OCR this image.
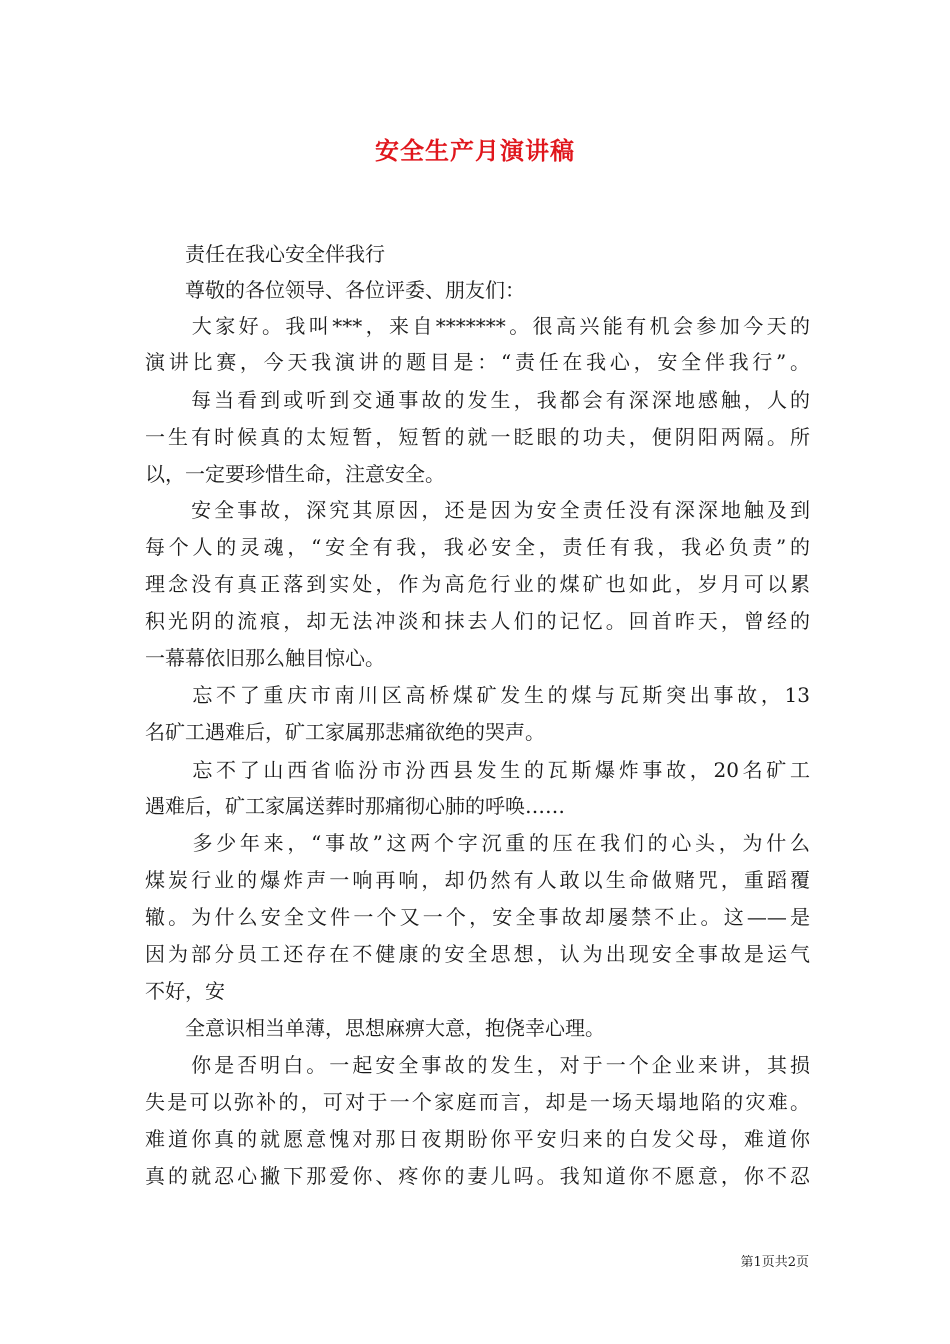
安全生产月演讲稿
　　责任在我心安全伴我行
　　尊敬的各位领导、各位评委、朋友们：
　　大家好。我叫***，来自*******。很高兴能有机会参加今天的
演讲比赛，今天我演讲的题目是：“责任在我心，安全伴我行”。
　　每当看到或听到交通事故的发生，我都会有深深地感触，人的
一生有时候真的太短暂，短暂的就一眨眼的功夫，便阴阳两隔。所
以，一定要珍惜生命，注意安全。
　　安全事故，深究其原因，还是因为安全责任没有深深地触及到
每个人的灵魂，“安全有我，我必安全，责任有我，我必负责”的
理念没有真正落到实处，作为高危行业的煤矿也如此，岁月可以累
积光阴的流痕，却无法冲淡和抹去人们的记忆。回首昨天，曾经的
一幕幕依旧那么触目惊心。
　　忘不了重庆市南川区高桥煤矿发生的煤与瓦斯突出事故，13
名矿工遇难后，矿工家属那悲痛欲绝的哭声。
　　忘不了山西省临汾市汾西县发生的瓦斯爆炸事故，20名矿工
遇难后，矿工家属送葬时那痛彻心肺的呼唤……
　　多少年来，“事故”这两个字沉重的压在我们的心头，为什么
煤炭行业的爆炸声一响再响，却仍然有人敢以生命做赌咒，重蹈覆
辙。为什么安全文件一个又一个，安全事故却屡禁不止。这——是
因为部分员工还存在不健康的安全思想，认为出现安全事故是运气
不好，安
　　全意识相当单薄，思想麻痹大意，抱侥幸心理。
　　你是否明白。一起安全事故的发生，对于一个企业来讲，其损
失是可以弥补的，可对于一个家庭而言，却是一场天塌地陷的灾难。
难道你真的就愿意愧对那日夜期盼你平安归来的白发父母，难道你
真的就忍心撇下那爱你、疼你的妻儿吗。我知道你不愿意，你不忍
第1页共2页
